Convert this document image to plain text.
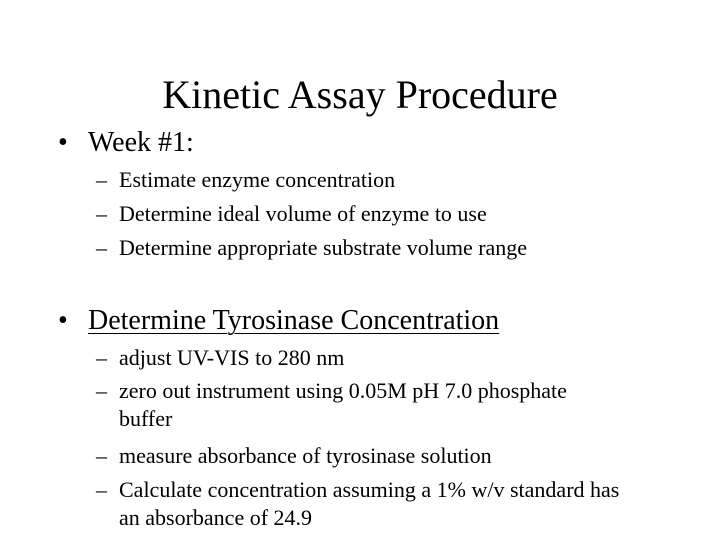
Kinetic Assay Procedure
• Week #1:
– Estimate enzyme concentration
– Determine ideal volume of enzyme to use
– Determine appropriate substrate volume range
• Determine Tyrosinase Concentration
– adjust UV-VIS to 280 nm
– zero out instrument using 0.05M pH 7.0 phosphate buffer
– measure absorbance of tyrosinase solution
– Calculate concentration assuming a 1% w/v standard has an absorbance of 24.9
